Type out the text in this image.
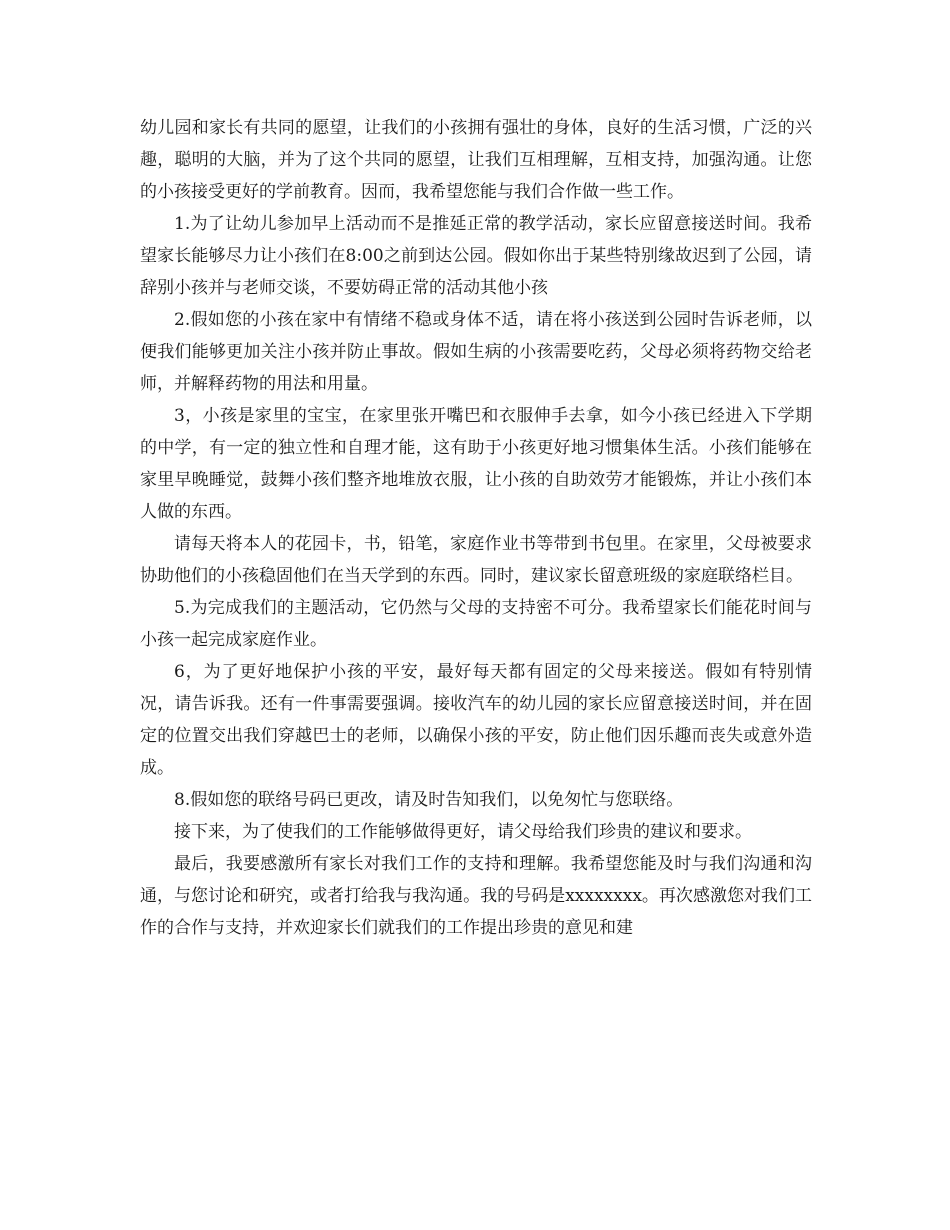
幼儿园和家长有共同的愿望，让我们的小孩拥有强壮的身体，良好的生活习惯，广泛的兴趣，聪明的大脑，并为了这个共同的愿望，让我们互相理解，互相支持，加强沟通。让您的小孩接受更好的学前教育。因而，我希望您能与我们合作做一些工作。

1.为了让幼儿参加早上活动而不是推延正常的教学活动，家长应留意接送时间。我希望家长能够尽力让小孩们在8:00之前到达公园。假如你出于某些特别缘故迟到了公园，请辞别小孩并与老师交谈，不要妨碍正常的活动其他小孩

2.假如您的小孩在家中有情绪不稳或身体不适，请在将小孩送到公园时告诉老师，以便我们能够更加关注小孩并防止事故。假如生病的小孩需要吃药，父母必须将药物交给老师，并解释药物的用法和用量。

3，小孩是家里的宝宝，在家里张开嘴巴和衣服伸手去拿，如今小孩已经进入下学期的中学，有一定的独立性和自理才能，这有助于小孩更好地习惯集体生活。小孩们能够在家里早晚睡觉，鼓舞小孩们整齐地堆放衣服，让小孩的自助效劳才能锻炼，并让小孩们本人做的东西。

请每天将本人的花园卡，书，铅笔，家庭作业书等带到书包里。在家里，父母被要求协助他们的小孩稳固他们在当天学到的东西。同时，建议家长留意班级的家庭联络栏目。

5.为完成我们的主题活动，它仍然与父母的支持密不可分。我希望家长们能花时间与小孩一起完成家庭作业。

6，为了更好地保护小孩的平安，最好每天都有固定的父母来接送。假如有特别情况，请告诉我。还有一件事需要强调。接收汽车的幼儿园的家长应留意接送时间，并在固定的位置交出我们穿越巴士的老师，以确保小孩的平安，防止他们因乐趣而丧失或意外造成。

8.假如您的联络号码已更改，请及时告知我们，以免匆忙与您联络。

接下来，为了使我们的工作能够做得更好，请父母给我们珍贵的建议和要求。

最后，我要感激所有家长对我们工作的支持和理解。我希望您能及时与我们沟通和沟通，与您讨论和研究，或者打给我与我沟通。我的号码是xxxxxxxx。再次感激您对我们工作的合作与支持，并欢迎家长们就我们的工作提出珍贵的意见和建
